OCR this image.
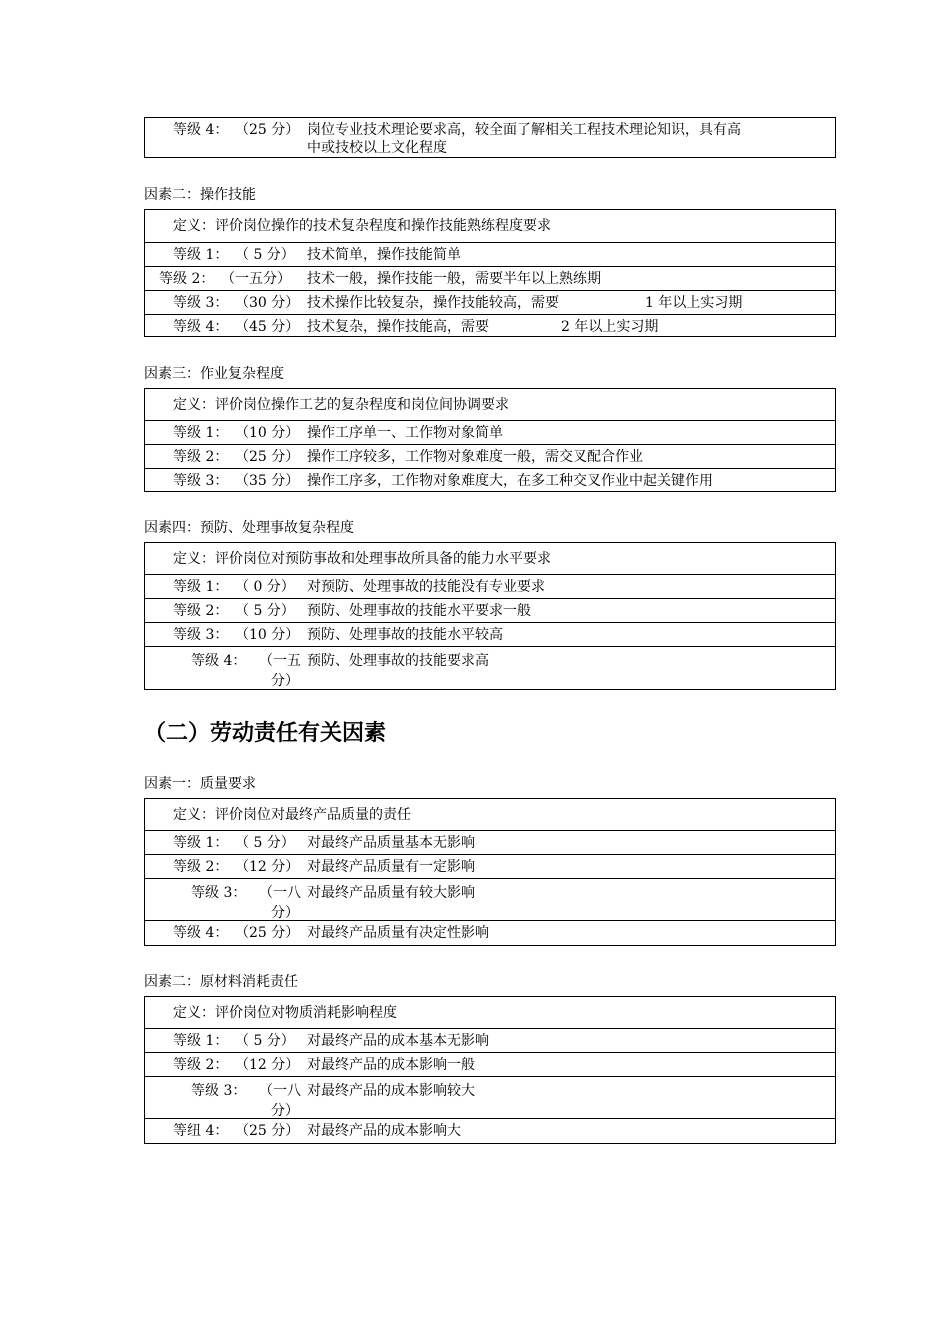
等级 4： （25 分） 岗位专业技术理论要求高，较全面了解相关工程技术理论知识，具有高
中或技校以上文化程度
因素二：操作技能
定义：评价岗位操作的技术复杂程度和操作技能熟练程度要求
等级 1： （ 5 分） 技术简单，操作技能简单
等级 2： （一五分） 技术一般，操作技能一般，需要半年以上熟练期
等级 3： （30 分） 技术操作比较复杂，操作技能较高，需要	1 年以上实习期
等级 4： （45 分） 技术复杂，操作技能高，需要	2 年以上实习期
因素三：作业复杂程度
定义：评价岗位操作工艺的复杂程度和岗位间协调要求
等级 1： （10 分） 操作工序单一、工作物对象简单
等级 2： （25 分） 操作工序较多，工作物对象难度一般，需交叉配合作业
等级 3： （35 分） 操作工序多，工作物对象难度大，在多工种交叉作业中起关键作用
因素四：预防、处理事故复杂程度
定义：评价岗位对预防事故和处理事故所具备的能力水平要求
等级 1： （ 0 分） 对预防、处理事故的技能没有专业要求
等级 2： （ 5 分） 预防、处理事故的技能水平要求一般
等级 3： （10 分） 预防、处理事故的技能水平较高
等级 4： （一五
分）
预防、处理事故的技能要求高
（二）劳动责任有关因素
因素一：质量要求
定义：评价岗位对最终产品质量的责任
等级 1： （ 5 分） 对最终产品质量基本无影响
等级 2： （12 分） 对最终产品质量有一定影响
等级 3： （一八
分）
对最终产品质量有较大影响
等级 4： （25 分） 对最终产品质量有决定性影响
因素二：原材料消耗责任
定义：评价岗位对物质消耗影响程度
等级 1： （ 5 分） 对最终产品的成本基本无影响
等级 2： （12 分） 对最终产品的成本影响一般
等级 3： （一八
分）
对最终产品的成本影响较大
等纽 4： （25 分） 对最终产品的成本影响大
